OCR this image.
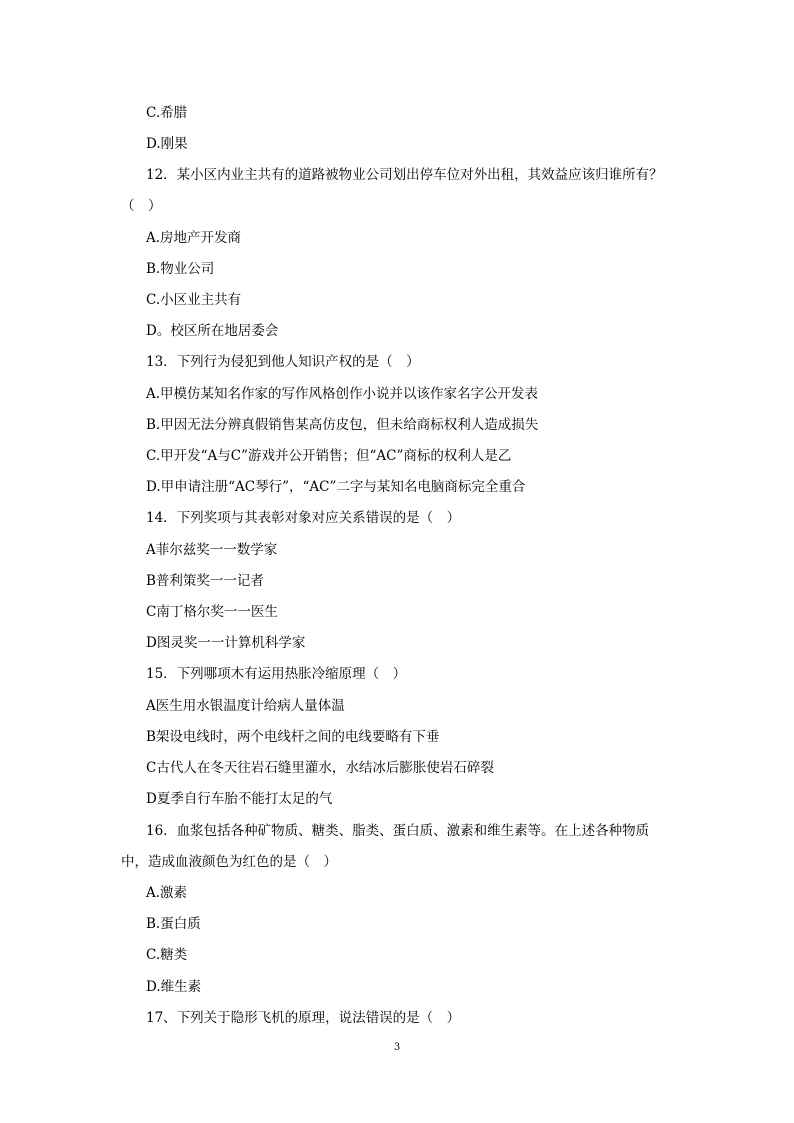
C.希腊
D.刚果
12．某小区内业主共有的道路被物业公司划出停车位对外出租，其效益应该归谁所有？
（　）
A.房地产开发商
B.物业公司
C.小区业主共有
D。校区所在地居委会
13．下列行为侵犯到他人知识产权的是（　）
A.甲模仿某知名作家的写作风格创作小说并以该作家名字公开发表
B.甲因无法分辨真假销售某高仿皮包，但未给商标权利人造成损失
C.甲开发“A与C”游戏并公开销售；但“AC”商标的权利人是乙
D.甲申请注册“AC琴行”，“AC”二字与某知名电脑商标完全重合
14．下列奖项与其表彰对象对应关系错误的是（　）
A菲尔兹奖一一数学家
B普利策奖一一记者
C南丁格尔奖一一医生
D图灵奖一一计算机科学家
15．下列哪项木有运用热胀冷缩原理（　）
A医生用水银温度计给病人量体温
B架设电线时，两个电线杆之间的电线要略有下垂
C古代人在冬天往岩石缝里灌水，水结冰后膨胀使岩石碎裂
D夏季自行车胎不能打太足的气
16．血浆包括各种矿物质、糖类、脂类、蛋白质、激素和维生素等。在上述各种物质
中，造成血液颜色为红色的是（　）
A.激素
B.蛋白质
C.糖类
D.维生素
17、下列关于隐形飞机的原理，说法错误的是（　）
3
